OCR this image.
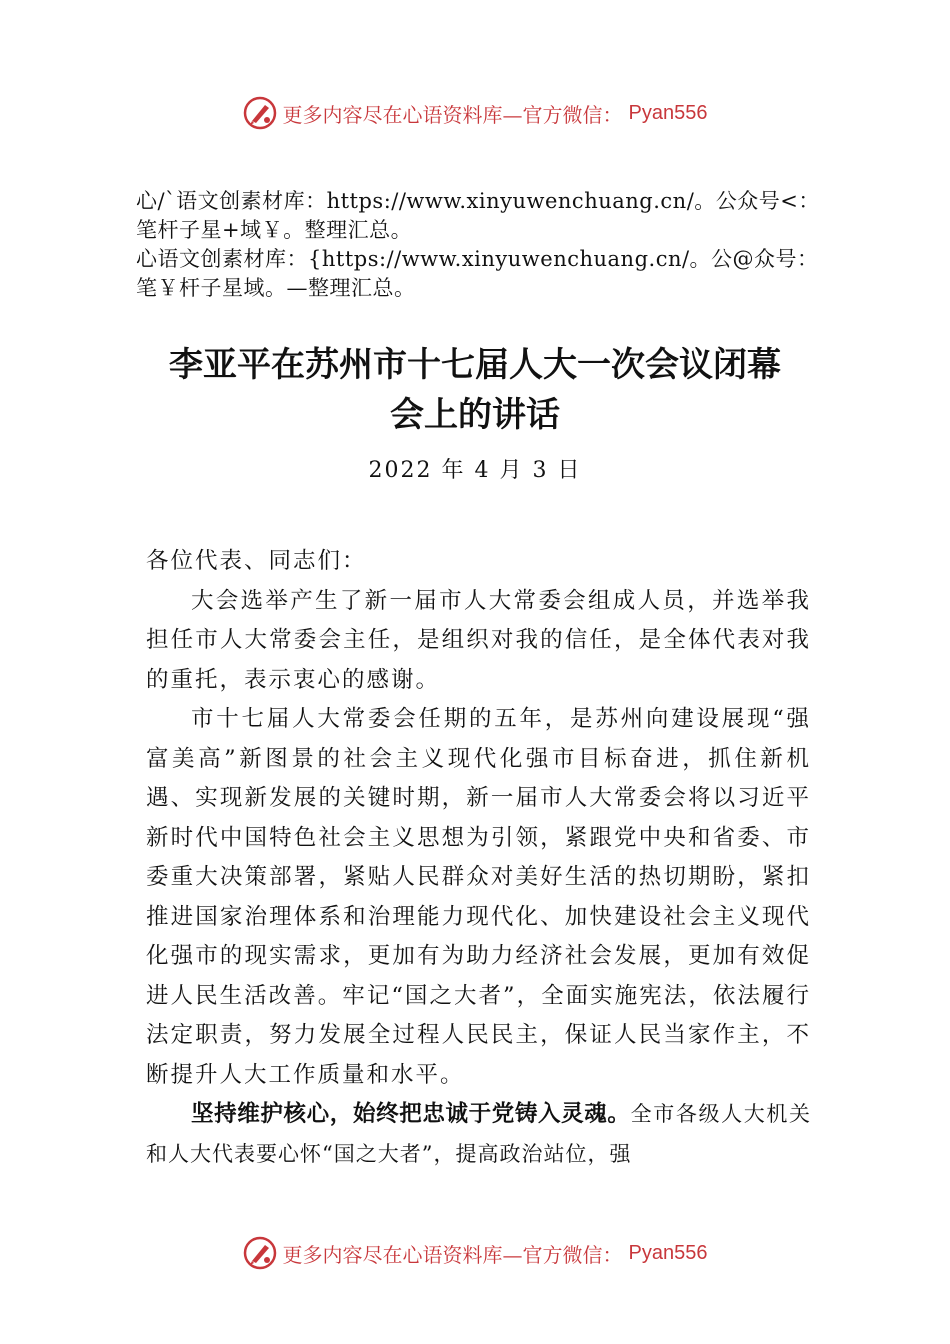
更多内容尽在心语资料库—官方微信： Pyan556

心/`语文创素材库：https://www.xinyuwenchuang.cn/。公众号<：笔杆子星+域￥。整理汇总。

心语文创素材库：{https://www.xinyuwenchuang.cn/。公@众号：笔￥杆子星域。—整理汇总。

李亚平在苏州市十七届人大一次会议闭幕

会上的讲话

2022 年 4 月 3 日

各位代表、同志们：

大会选举产生了新一届市人大常委会组成人员，并选举我担任市人大常委会主任，是组织对我的信任，是全体代表对我的重托，表示衷心的感谢。

市十七届人大常委会任期的五年，是苏州向建设展现“强富美高”新图景的社会主义现代化强市目标奋进，抓住新机遇、实现新发展的关键时期，新一届市人大常委会将以习近平新时代中国特色社会主义思想为引领，紧跟党中央和省委、市委重大决策部署，紧贴人民群众对美好生活的热切期盼，紧扣推进国家治理体系和治理能力现代化、加快建设社会主义现代化强市的现实需求，更加有为助力经济社会发展，更加有效促进人民生活改善。牢记“国之大者”，全面实施宪法，依法履行法定职责，努力发展全过程人民民主，保证人民当家作主，不断提升人大工作质量和水平。

坚持维护核心，始终把忠诚于党铸入灵魂。全市各级人大机关和人大代表要心怀“国之大者”，提高政治站位，强

更多内容尽在心语资料库—官方微信： Pyan556
